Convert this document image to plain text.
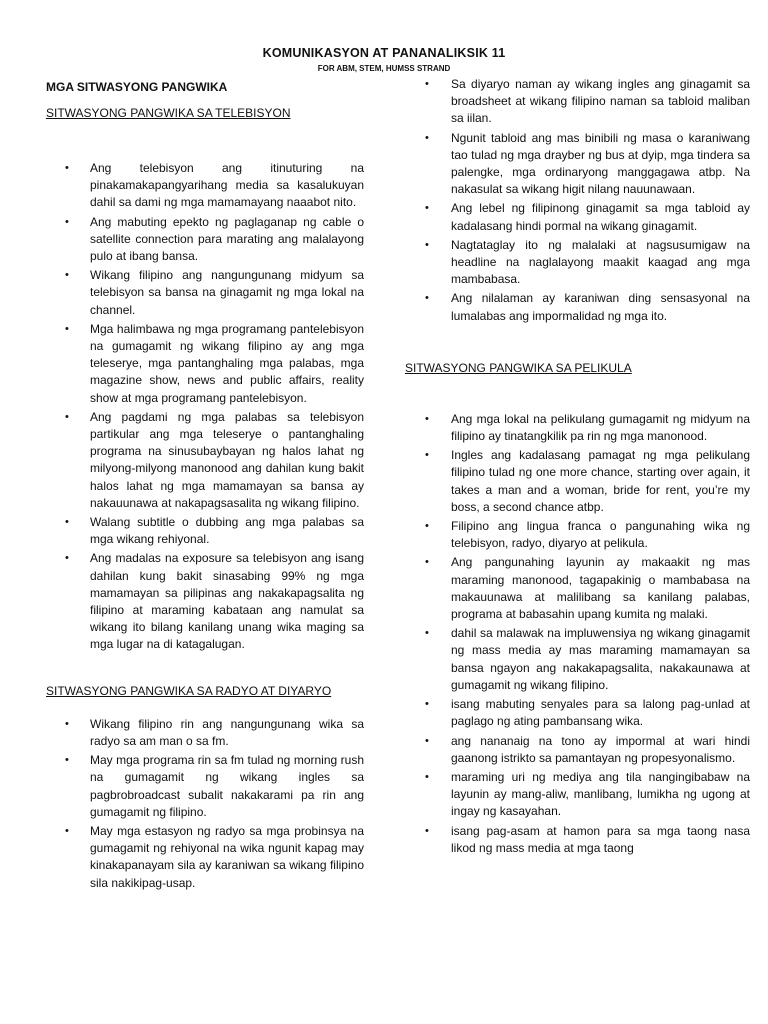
KOMUNIKASYON AT PANANALIKSIK 11
FOR ABM, STEM, HUMSS STRAND

MGA SITWASYONG PANGWIKA

SITWASYONG PANGWIKA SA TELEBISYON

• Ang telebisyon ang itinuturing na pinakamakapangyarihang media sa kasalukuyan dahil sa dami ng mga mamamayang naaabot nito.
• Ang mabuting epekto ng paglaganap ng cable o satellite connection para marating ang malalayong pulo at ibang bansa.
• Wikang filipino ang nangungunang midyum sa telebisyon sa bansa na ginagamit ng mga lokal na channel.
• Mga halimbawa ng mga programang pantelebisyon na gumagamit ng wikang filipino ay ang mga teleserye, mga pantanghaling mga palabas, mga magazine show, news and public affairs, reality show at mga programang pantelebisyon.
• Ang pagdami ng mga palabas sa telebisyon partikular ang mga teleserye o pantanghaling programa na sinusubaybayan ng halos lahat ng milyong-milyong manonood ang dahilan kung bakit halos lahat ng mga mamamayan sa bansa ay nakauunawa at nakapagsasalita ng wikang filipino.
• Walang subtitle o dubbing ang mga palabas sa mga wikang rehiyonal.
• Ang madalas na exposure sa telebisyon ang isang dahilan kung bakit sinasabing 99% ng mga mamamayan sa pilipinas ang nakakapagsalita ng filipino at maraming kabataan ang namulat sa wikang ito bilang kanilang unang wika maging sa mga lugar na di katagalugan.

SITWASYONG PANGWIKA SA RADYO AT DIYARYO

• Wikang filipino rin ang nangungunang wika sa radyo sa am man o sa fm.
• May mga programa rin sa fm tulad ng morning rush na gumagamit ng wikang ingles sa pagbrobroadcast subalit nakakarami pa rin ang gumagamit ng filipino.
• May mga estasyon ng radyo sa mga probinsya na gumagamit ng rehiyonal na wika ngunit kapag may kinakapanayam sila ay karaniwan sa wikang filipino sila nakikipag-usap.
• Sa diyaryo naman ay wikang ingles ang ginagamit sa broadsheet at wikang filipino naman sa tabloid maliban sa iilan.
• Ngunit tabloid ang mas binibili ng masa o karaniwang tao tulad ng mga drayber ng bus at dyip, mga tindera sa palengke, mga ordinaryong manggagawa atbp. Na nakasulat sa wikang higit nilang nauunawaan.
• Ang lebel ng filipinong ginagamit sa mga tabloid ay kadalasang hindi pormal na wikang ginagamit.
• Nagtataglay ito ng malalaki at nagsusumigaw na headline na naglalayong maakit kaagad ang mga mambabasa.
• Ang nilalaman ay karaniwan ding sensasyonal na lumalabas ang impormalidad ng mga ito.

SITWASYONG PANGWIKA SA PELIKULA

• Ang mga lokal na pelikulang gumagamit ng midyum na filipino ay tinatangkilik pa rin ng mga manonood.
• Ingles ang kadalasang pamagat ng mga pelikulang filipino tulad ng one more chance, starting over again, it takes a man and a woman, bride for rent, you’re my boss, a second chance atbp.
• Filipino ang lingua franca o pangunahing wika ng telebisyon, radyo, diyaryo at pelikula.
• Ang pangunahing layunin ay makaakit ng mas maraming manonood, tagapakinig o mambabasa na makauunawa at malilibang sa kanilang palabas, programa at babasahin upang kumita ng malaki.
• dahil sa malawak na impluwensiya ng wikang ginagamit ng mass media ay mas maraming mamamayan sa bansa ngayon ang nakakapagsalita, nakakaunawa at gumagamit ng wikang filipino.
• isang mabuting senyales para sa lalong pag-unlad at paglago ng ating pambansang wika.
• ang nananaig na tono ay impormal at wari hindi gaanong istrikto sa pamantayan ng propesyonalismo.
• maraming uri ng mediya ang tila nangingibabaw na layunin ay mang-aliw, manlibang, lumikha ng ugong at ingay ng kasayahan.
• isang pag-asam at hamon para sa mga taong nasa likod ng mass media at mga taong
